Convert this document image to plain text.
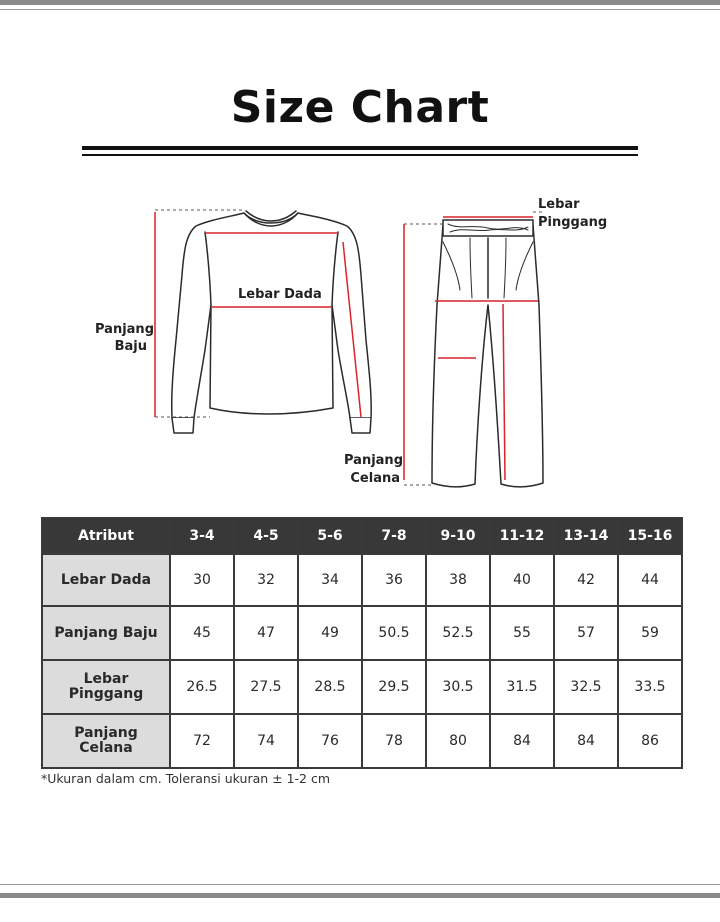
Size Chart
Lebar Dada
Panjang
Baju
Lebar
Pinggang
Panjang
Celana
Atribut	3-4	4-5	5-6	7-8	9-10	11-12	13-14	15-16
Lebar Dada	30	32	34	36	38	40	42	44
Panjang Baju	45	47	49	50.5	52.5	55	57	59
Lebar
Pinggang	26.5	27.5	28.5	29.5	30.5	31.5	32.5	33.5
Panjang
Celana	72	74	76	78	80	84	84	86
*Ukuran dalam cm. Toleransi ukuran ± 1-2 cm
